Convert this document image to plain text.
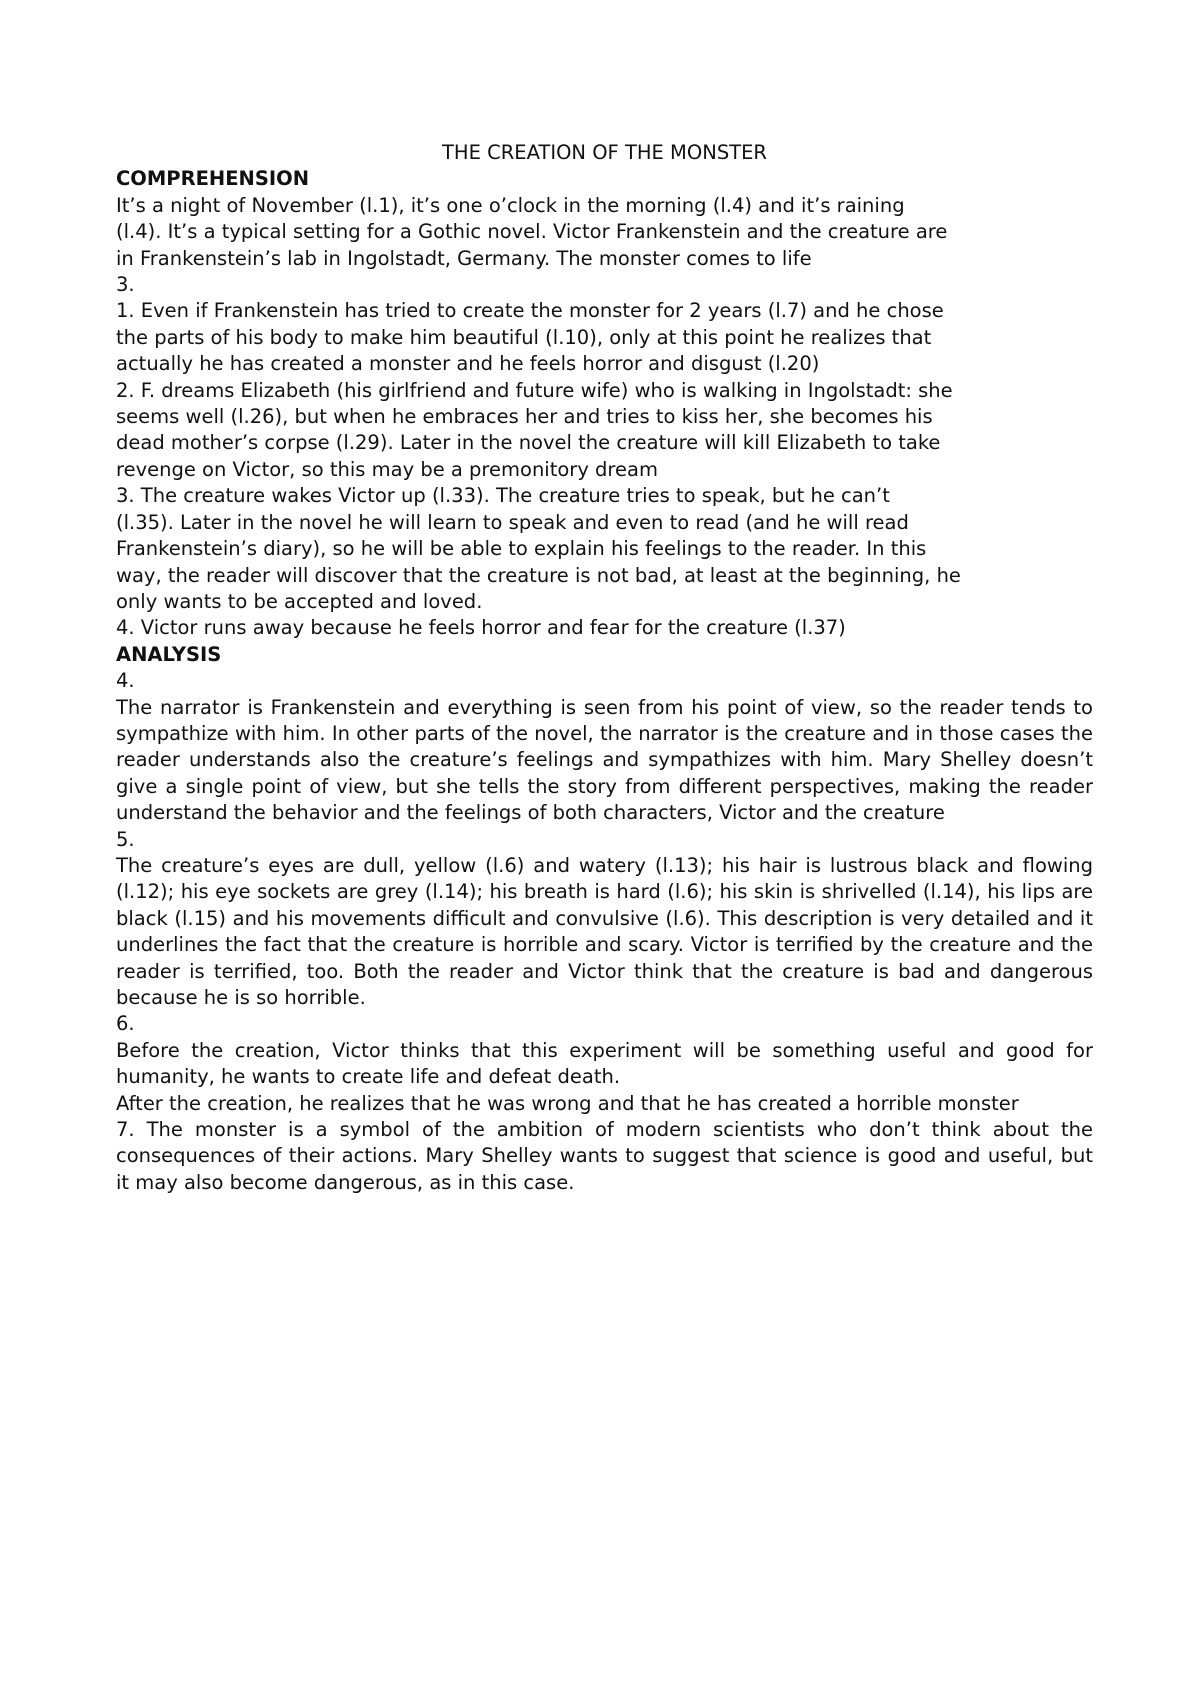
THE CREATION OF THE MONSTER
COMPREHENSION
It’s a night of November (l.1), it’s one o’clock in the morning (l.4) and it’s raining
(l.4). It’s a typical setting for a Gothic novel. Victor Frankenstein and the creature are
in Frankenstein’s lab in Ingolstadt, Germany. The monster comes to life
3.
1. Even if Frankenstein has tried to create the monster for 2 years (l.7) and he chose
the parts of his body to make him beautiful (l.10), only at this point he realizes that
actually he has created a monster and he feels horror and disgust (l.20)
2. F. dreams Elizabeth (his girlfriend and future wife) who is walking in Ingolstadt: she
seems well (l.26), but when he embraces her and tries to kiss her, she becomes his
dead mother’s corpse (l.29). Later in the novel the creature will kill Elizabeth to take
revenge on Victor, so this may be a premonitory dream
3. The creature wakes Victor up (l.33). The creature tries to speak, but he can’t
(l.35). Later in the novel he will learn to speak and even to read (and he will read
Frankenstein’s diary), so he will be able to explain his feelings to the reader. In this
way, the reader will discover that the creature is not bad, at least at the beginning, he
only wants to be accepted and loved.
4. Victor runs away because he feels horror and fear for the creature (l.37)
ANALYSIS
4.
The narrator is Frankenstein and everything is seen from his point of view, so the reader tends to sympathize with him. In other parts of the novel, the narrator is the creature and in those cases the reader understands also the creature’s feelings and sympathizes with him. Mary Shelley doesn’t give a single point of view, but she tells the story from different perspectives, making the reader understand the behavior and the feelings of both characters, Victor and the creature
5.
The creature’s eyes are dull, yellow (l.6) and watery (l.13); his hair is lustrous black and flowing (l.12); his eye sockets are grey (l.14); his breath is hard (l.6); his skin is shrivelled (l.14), his lips are black (l.15) and his movements difficult and convulsive (l.6). This description is very detailed and it underlines the fact that the creature is horrible and scary. Victor is terrified by the creature and the reader is terrified, too. Both the reader and Victor think that the creature is bad and dangerous because he is so horrible.
6.
Before the creation, Victor thinks that this experiment will be something useful and good for humanity, he wants to create life and defeat death.
After the creation, he realizes that he was wrong and that he has created a horrible monster
7. The monster is a symbol of the ambition of modern scientists who don’t think about the consequences of their actions. Mary Shelley wants to suggest that science is good and useful, but it may also become dangerous, as in this case.
